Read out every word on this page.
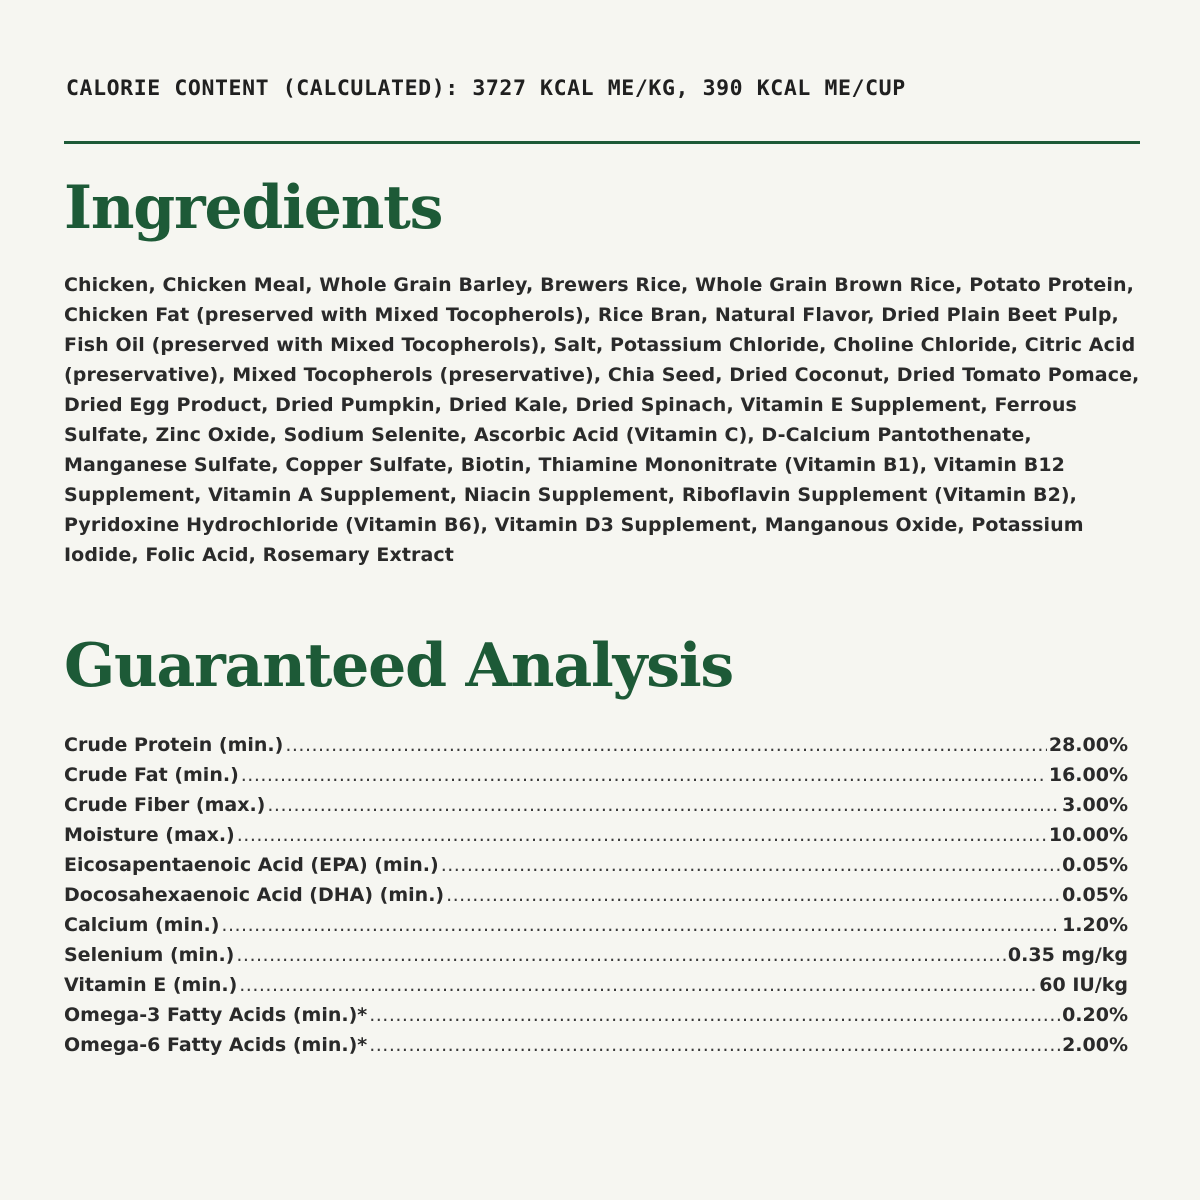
CALORIE CONTENT (CALCULATED): 3727 KCAL ME/KG, 390 KCAL ME/CUP
Ingredients

Chicken, Chicken Meal, Whole Grain Barley, Brewers Rice, Whole Grain Brown Rice, Potato Protein, Chicken Fat (preserved with Mixed Tocopherols), Rice Bran, Natural Flavor, Dried Plain Beet Pulp, Fish Oil (preserved with Mixed Tocopherols), Salt, Potassium Chloride, Choline Chloride, Citric Acid (preservative), Mixed Tocopherols (preservative), Chia Seed, Dried Coconut, Dried Tomato Pomace, Dried Egg Product, Dried Pumpkin, Dried Kale, Dried Spinach, Vitamin E Supplement, Ferrous Sulfate, Zinc Oxide, Sodium Selenite, Ascorbic Acid (Vitamin C), D-Calcium Pantothenate, Manganese Sulfate, Copper Sulfate, Biotin, Thiamine Mononitrate (Vitamin B1), Vitamin B12 Supplement, Vitamin A Supplement, Niacin Supplement, Riboflavin Supplement (Vitamin B2), Pyridoxine Hydrochloride (Vitamin B6), Vitamin D3 Supplement, Manganous Oxide, Potassium Iodide, Folic Acid, Rosemary Extract

Guaranteed Analysis
Crude Protein (min.) .....	28.00%
Crude Fat (min.) .....	16.00%
Crude Fiber (max.) .....	3.00%
Moisture (max.) .....	10.00%
Eicosapentaenoic Acid (EPA) (min.) .....	0.05%
Docosahexaenoic Acid (DHA) (min.) .....	0.05%
Calcium (min.) .....	1.20%
Selenium (min.) .....	0.35 mg/kg
Vitamin E (min.) .....	60 IU/kg
Omega-3 Fatty Acids (min.)* .....	0.20%
Omega-6 Fatty Acids (min.)* .....	2.00%
